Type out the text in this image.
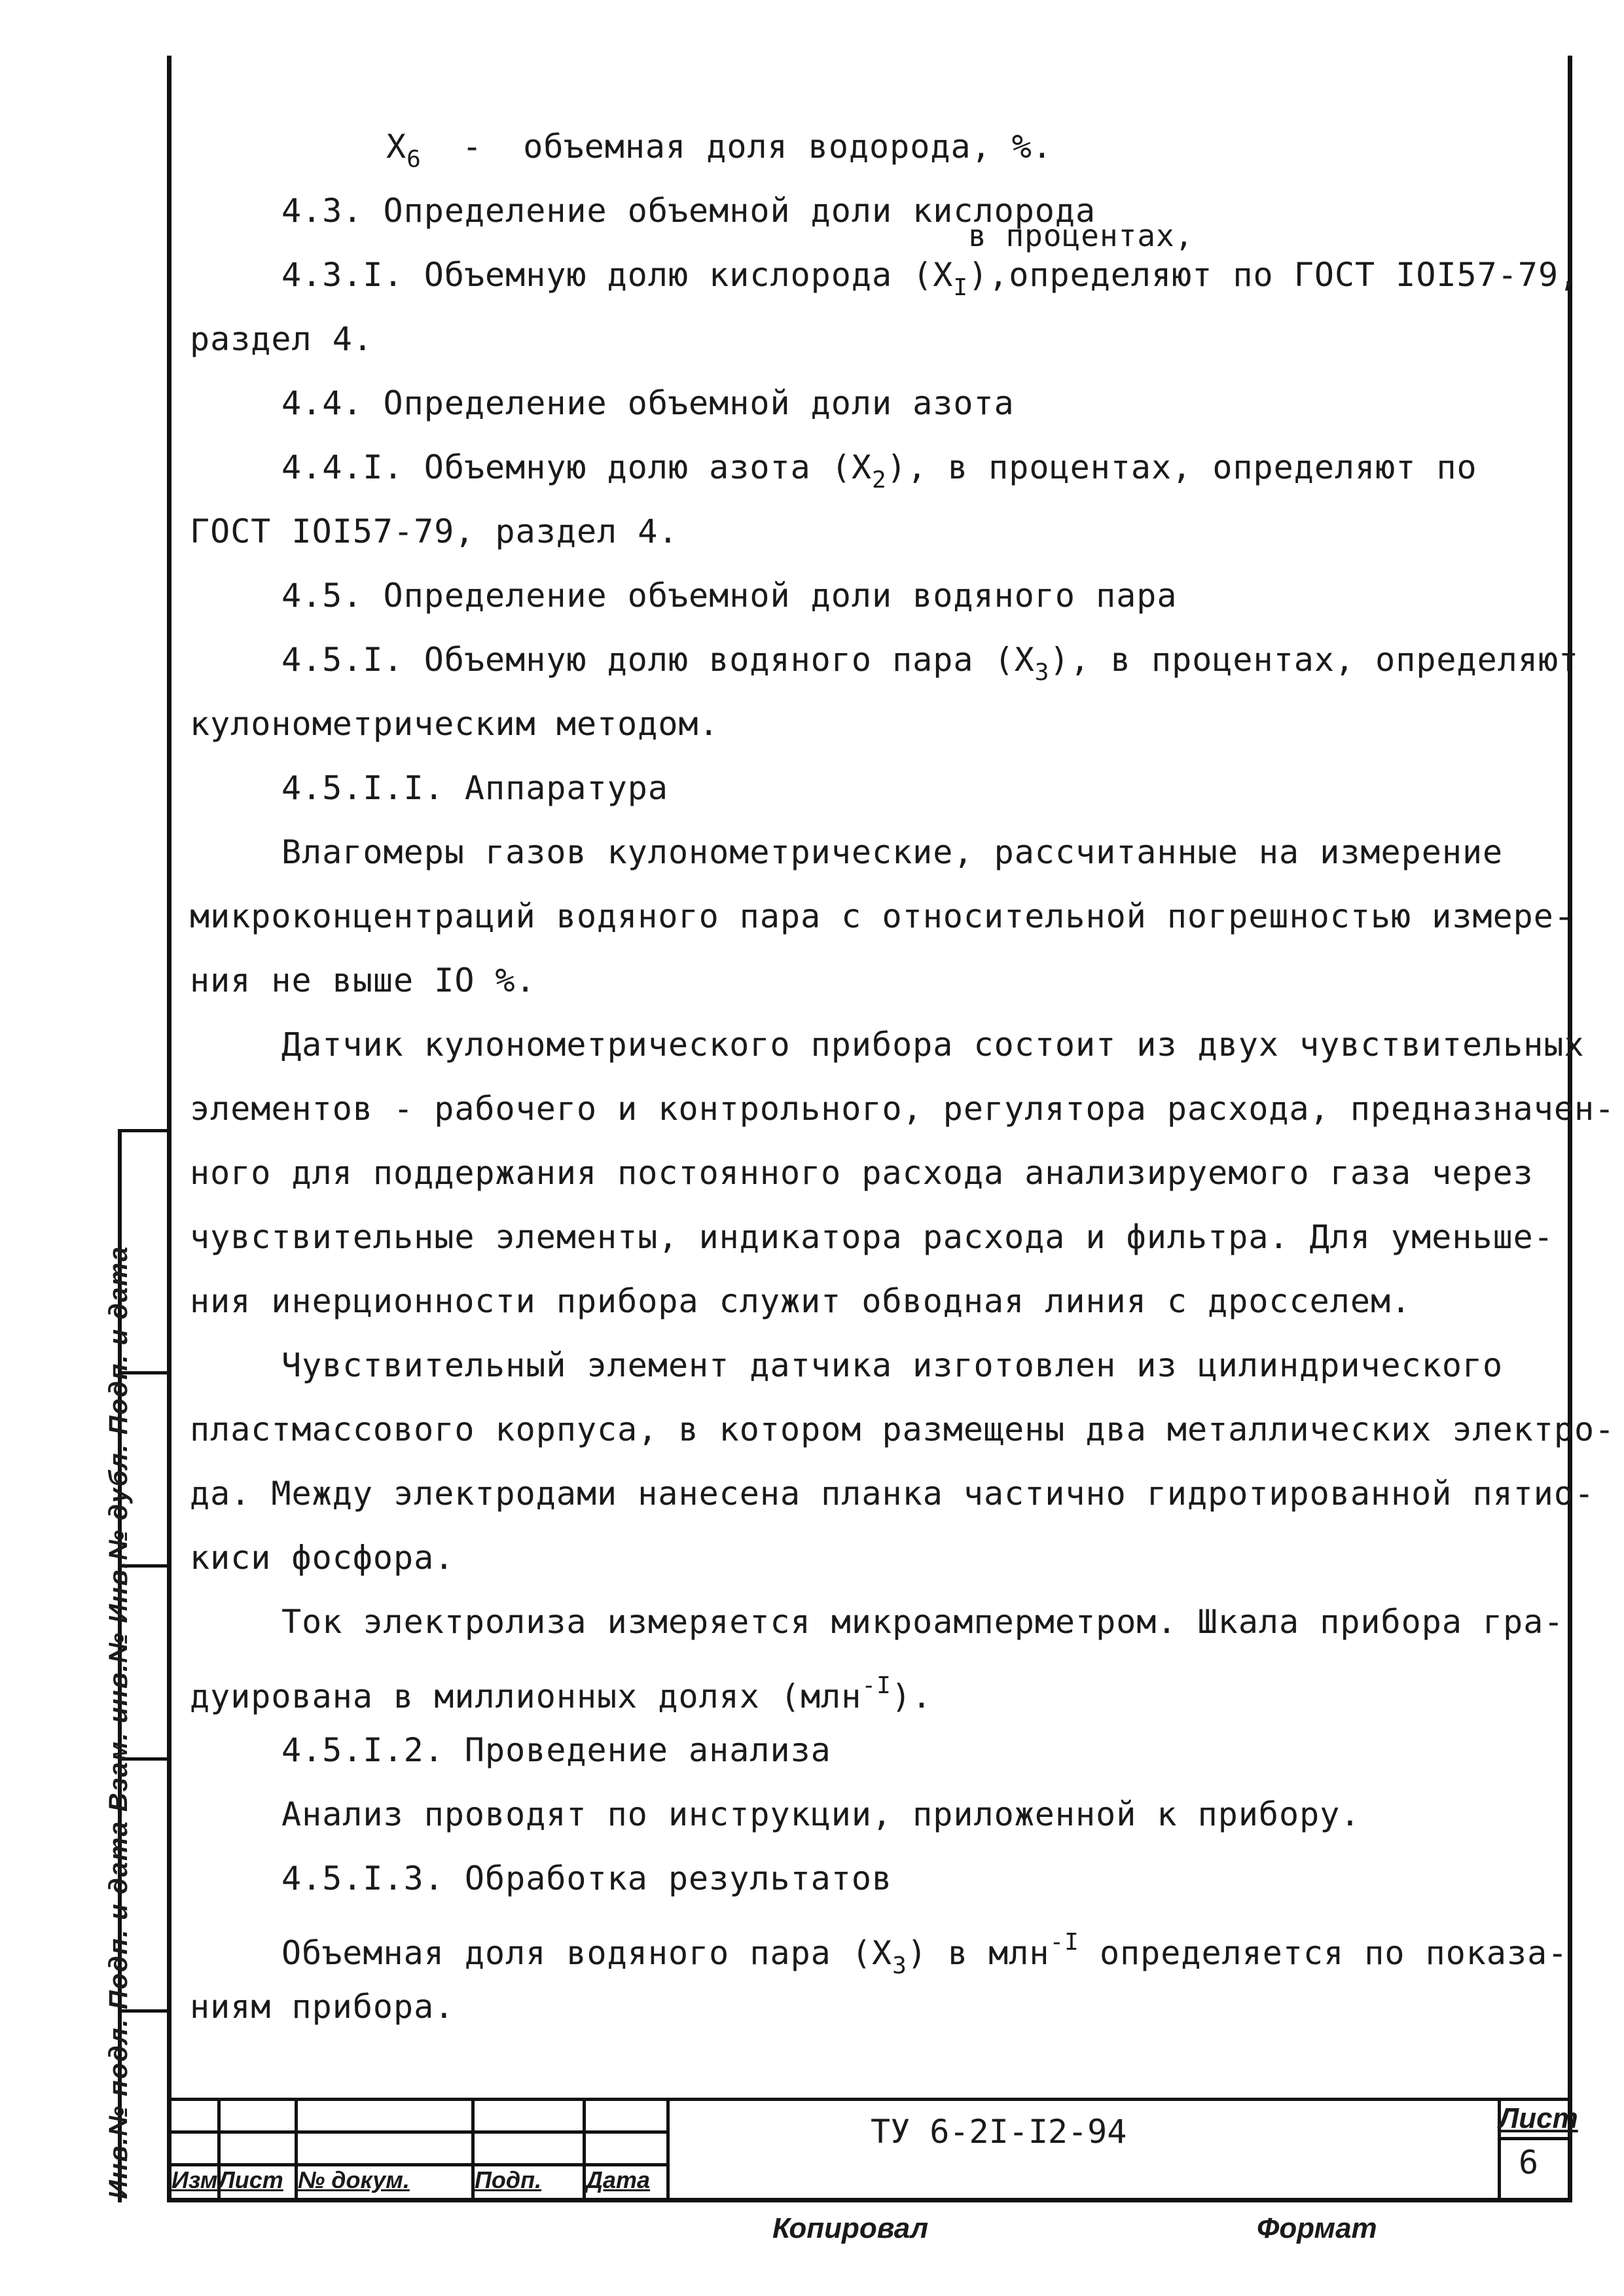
$X_6$  -  объемная доля водорода, %.

4.3. Определение объемной доли кислорода

4.3.I. Объемную долю кислорода $(X_I)$,
в процентах,
определяют по ГОСТ IOI57-79,

раздел 4.

4.4. Определение объемной доли азота

4.4.I. Объемную долю азота $(X_2)$, в процентах, определяют по

ГОСТ IOI57-79, раздел 4.

4.5. Определение объемной доли водяного пара

4.5.I. Объемную долю водяного пара $(X_3)$, в процентах, определяют

кулонометрическим методом.

4.5.I.I. Аппаратура

Влагомеры газов кулонометрические, рассчитанные на измерение

микроконцентраций водяного пара с относительной погрешностью измере-

ния не выше IO %.

Датчик кулонометрического прибора состоит из двух чувствительных

элементов - рабочего и контрольного, регулятора расхода, предназначен-

ного для поддержания постоянного расхода анализируемого газа через

чувствительные элементы, индикатора расхода и фильтра. Для уменьше-

ния инерционности прибора служит обводная линия с дросселем.

Чувствительный элемент датчика изготовлен из цилиндрического

пластмассового корпуса, в котором размещены два металлических электро-

да. Между электродами нанесена планка частично гидротированной пятио-

киси фосфора.

Ток электролиза измеряется микроамперметром. Шкала прибора гра-

дуирована в миллионных долях (млн$^{-I}$).

4.5.I.2. Проведение анализа

Анализ проводят по инструкции, приложенной к прибору.

4.5.I.3. Обработка результатов

Объемная доля водяного пара $(X_3)$ в млн$^{-I}$ определяется по показа-

ниям прибора.

Инв.№ подл. Подп. и дата Взам. инв.№ Инв.№ дубл. Подп. и дата Изм Лист № докум.	Подп. Дата
ТУ 6-2I-I2-94	Лист
6
Копировал	Формат
